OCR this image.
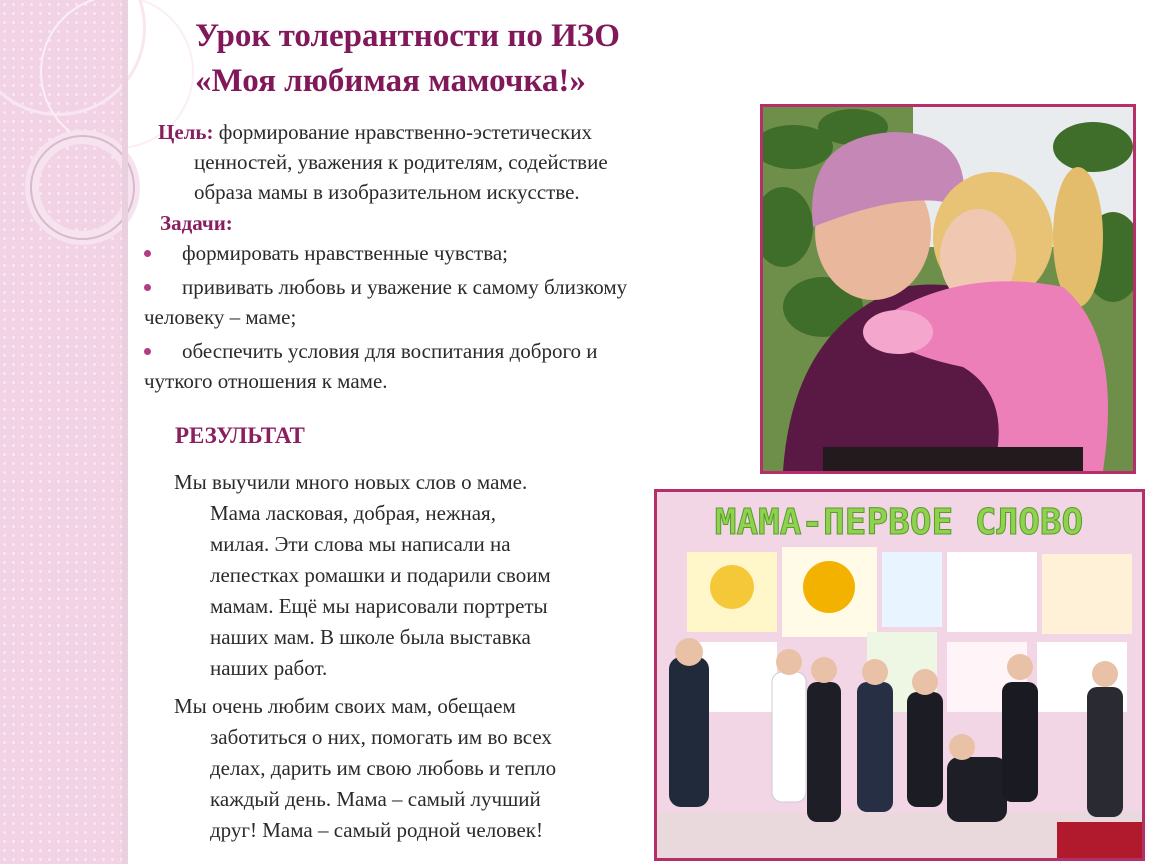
Урок толерантности по ИЗО
«Моя любимая мамочка!»
Цель: формирование нравственно-эстетических
ценностей, уважения к родителям, содействие
образа мамы в изобразительном искусстве.
Задачи:
формировать нравственные чувства;
прививать любовь и уважение к самому близкому
человеку – маме;
обеспечить условия для воспитания доброго и
чуткого отношения к маме.
РЕЗУЛЬТАТ
Мы выучили много новых слов о маме.
Мама ласковая, добрая, нежная,
милая. Эти слова мы написали на
лепестках ромашки и подарили своим
мамам. Ещё мы нарисовали портреты
наших мам. В школе была выставка
наших работ.
Мы очень любим своих мам, обещаем
заботиться о них, помогать им во всех
делах, дарить им свою любовь и тепло
каждый день. Мама – самый лучший
друг! Мама – самый родной человек!
МАМА-ПЕРВОЕ СЛОВО
